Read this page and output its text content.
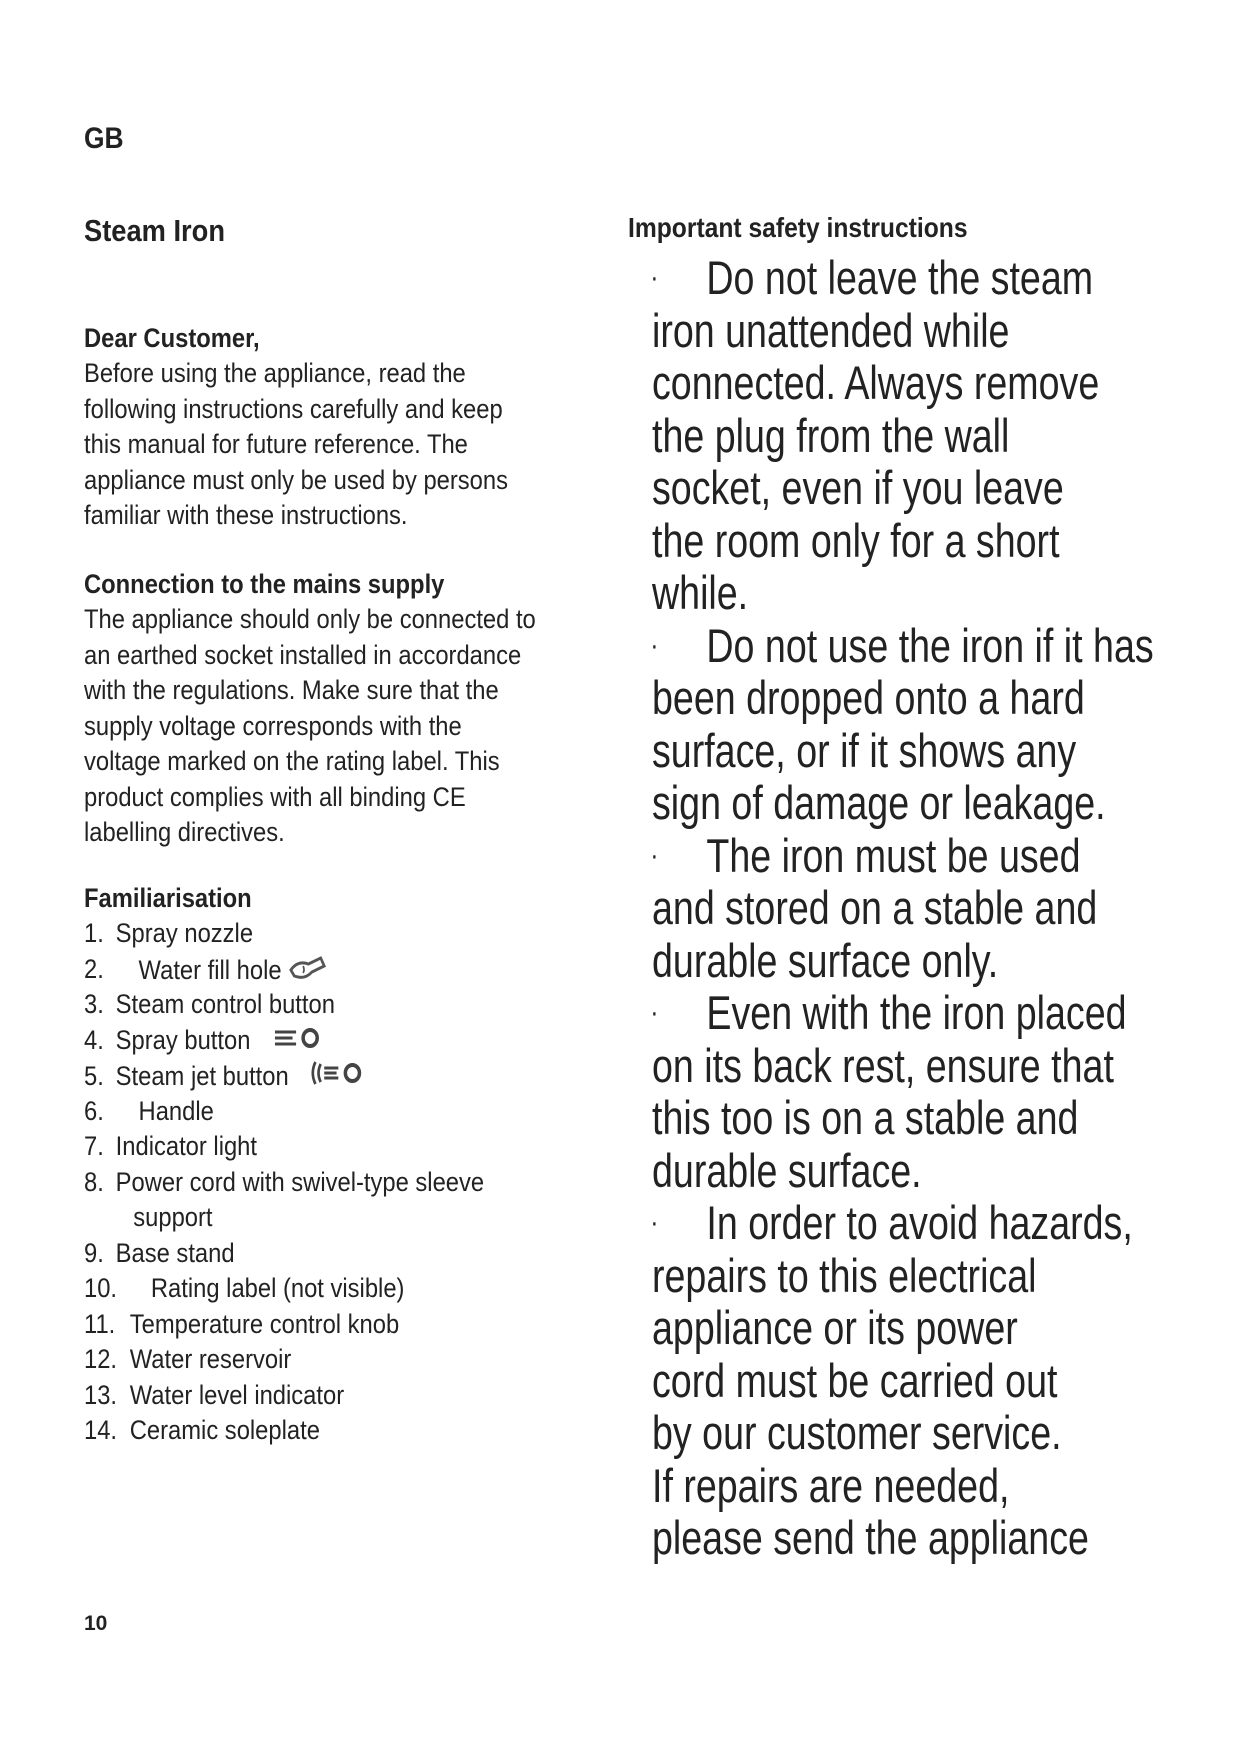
GB
Steam Iron
Dear Customer,
Before using the appliance, read the
following instructions carefully and keep
this manual for future reference. The
appliance must only be used by persons
familiar with these instructions.
Connection to the mains supply
The appliance should only be connected to
an earthed socket installed in accordance
with the regulations. Make sure that the
supply voltage corresponds with the
voltage marked on the rating label. This
product complies with all binding CE
labelling directives.
Familiarisation
1. Spray nozzle
2. Water fill hole
3. Steam control button
4. Spray button
5. Steam jet button
6. Handle
7. Indicator light
8. Power cord with swivel-type sleeve
support
9. Base stand
10. Rating label (not visible)
11. Temperature control knob
12. Water reservoir
13. Water level indicator
14. Ceramic soleplate
Important safety instructions
· Do not leave the steam
iron unattended while
connected. Always remove
the plug from the wall
socket, even if you leave
the room only for a short
while.
· Do not use the iron if it has
been dropped onto a hard
surface, or if it shows any
sign of damage or leakage.
· The iron must be used
and stored on a stable and
durable surface only.
· Even with the iron placed
on its back rest, ensure that
this too is on a stable and
durable surface.
· In order to avoid hazards,
repairs to this electrical
appliance or its power
cord must be carried out
by our customer service.
If repairs are needed,
please send the appliance
10
